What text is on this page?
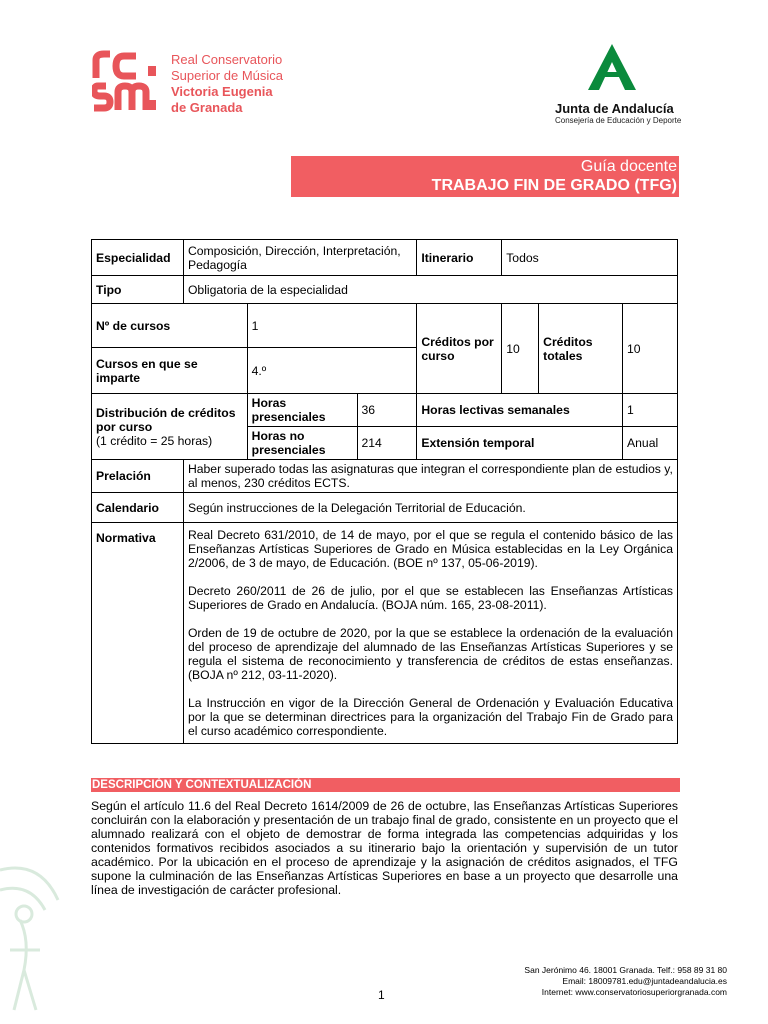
Real Conservatorio
Superior de Música
Victoria Eugenia
de Granada	Junta de Andalucía
Consejería de Educación y Deporte
Guía docente
TRABAJO FIN DE GRADO (TFG)
Especialidad	Composición, Dirección, Interpretación, Pedagogía			Itinerario	Todos		
Tipo	Obligatoria de la especialidad						
Nº de cursos		1		Créditos por curso	10	Créditos totales	10
Cursos en que se imparte		4.º					
Distribución de créditos por curso
(1 crédito = 25 horas)		Horas presenciales	36	Horas lectivas semanales			1
		Horas no presenciales	214	Extensión temporal			Anual
Prelación	Haber superado todas las asignaturas que integran el correspondiente plan de estudios y, al menos, 230 créditos ECTS.						
Calendario	Según instrucciones de la Delegación Territorial de Educación.						
Normativa	Real Decreto 631/2010, de 14 de mayo, por el que se regula el contenido básico de las Enseñanzas Artísticas Superiores de Grado en Música establecidas en la Ley Orgánica 2/2006, de 3 de mayo, de Educación. (BOE nº 137, 05-06-2019).

Decreto 260/2011 de 26 de julio, por el que se establecen las Enseñanzas Artísticas Superiores de Grado en Andalucía. (BOJA núm. 165, 23-08-2011).

Orden de 19 de octubre de 2020, por la que se establece la ordenación de la evaluación del proceso de aprendizaje del alumnado de las Enseñanzas Artísticas Superiores y se regula el sistema de reconocimiento y transferencia de créditos de estas enseñanzas. (BOJA nº 212, 03-11-2020).

La Instrucción en vigor de la Dirección General de Ordenación y Evaluación Educativa por la que se determinan directrices para la organización del Trabajo Fin de Grado para el curso académico correspondiente.						

DESCRIPCIÓN Y CONTEXTUALIZACIÓN
Según el artículo 11.6 del Real Decreto 1614/2009 de 26 de octubre, las Enseñanzas Artísticas Superiores concluirán con la elaboración y presentación de un trabajo final de grado, consistente en un proyecto que el alumnado realizará con el objeto de demostrar de forma integrada las competencias adquiridas y los contenidos formativos recibidos asociados a su itinerario bajo la orientación y supervisión de un tutor académico. Por la ubicación en el proceso de aprendizaje y la asignación de créditos asignados, el TFG supone la culminación de las Enseñanzas Artísticas Superiores en base a un proyecto que desarrolle una línea de investigación de carácter profesional.
San Jerónimo 46. 18001 Granada. Telf.: 958 89 31 80
Email: 18009781.edu@juntadeandalucia.es
Internet: www.conservatoriosuperiorgranada.com
1
